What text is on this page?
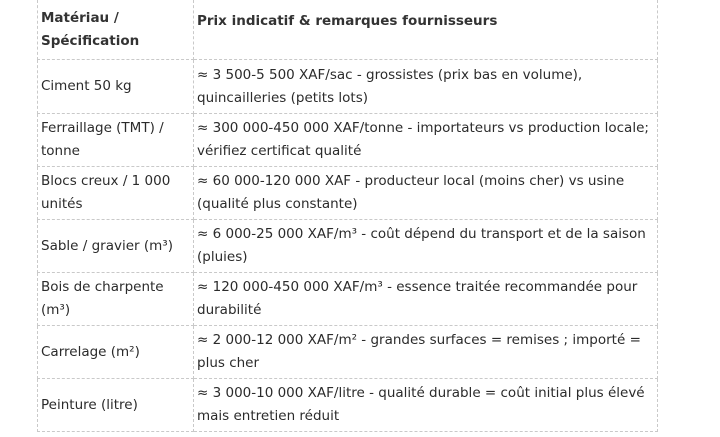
Matériau / Spécification	Prix indicatif & remarques fournisseurs
Ciment 50 kg	≈ 3 500-5 500 XAF/sac - grossistes (prix bas en volume), quincailleries (petits lots)
Ferraillage (TMT) / tonne	≈ 300 000-450 000 XAF/tonne - importateurs vs production locale; vérifiez certificat qualité
Blocs creux / 1 000 unités	≈ 60 000-120 000 XAF - producteur local (moins cher) vs usine (qualité plus constante)
Sable / gravier (m³)	≈ 6 000-25 000 XAF/m³ - coût dépend du transport et de la saison (pluies)
Bois de charpente (m³)	≈ 120 000-450 000 XAF/m³ - essence traitée recommandée pour durabilité
Carrelage (m²)	≈ 2 000-12 000 XAF/m² - grandes surfaces = remises ; importé = plus cher
Peinture (litre)	≈ 3 000-10 000 XAF/litre - qualité durable = coût initial plus élevé mais entretien réduit
